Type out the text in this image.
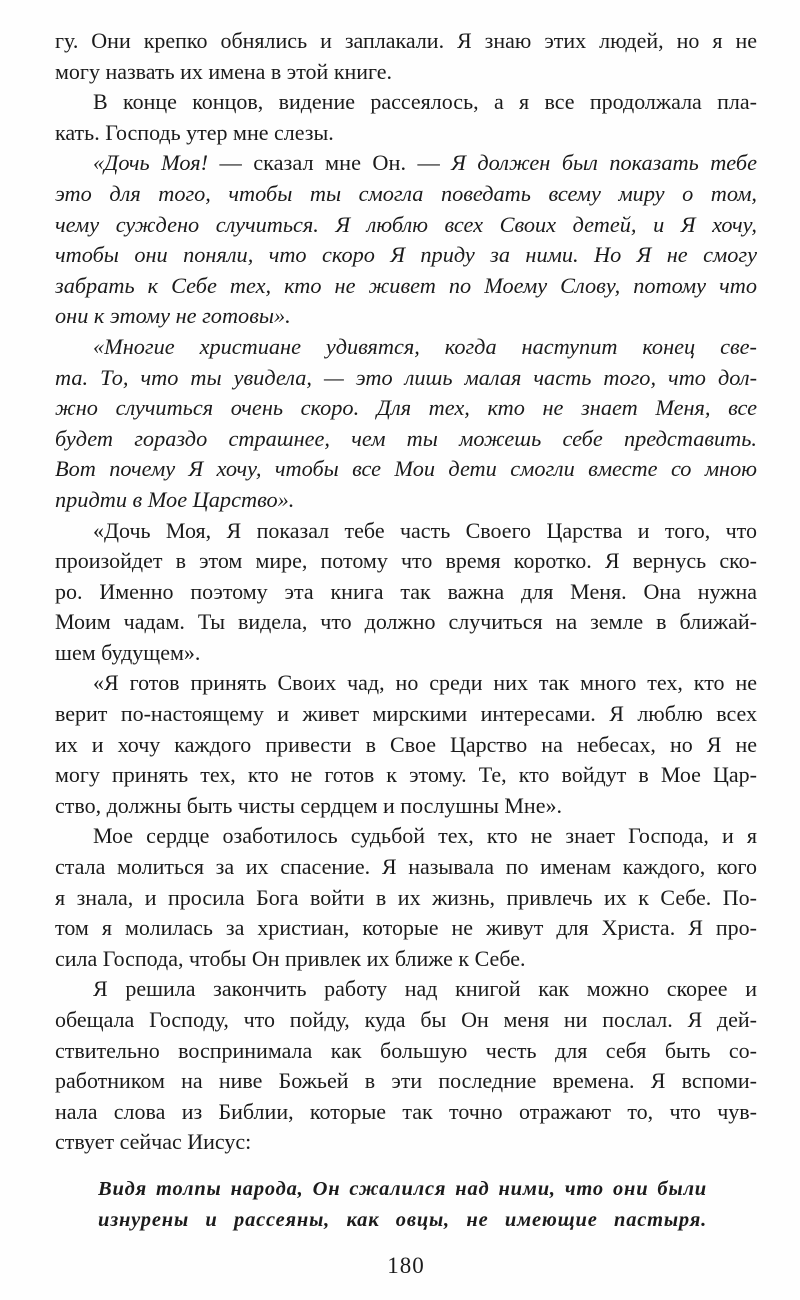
гу. Они крепко обнялись и заплакали. Я знаю этих людей, но я не
могу назвать их имена в этой книге.
В конце концов, видение рассеялось, а я все продолжала пла-
кать. Господь утер мне слезы.
«Дочь Моя! — сказал мне Он. — Я должен был показать тебе
это для того, чтобы ты смогла поведать всему миру о том,
чему суждено случиться. Я люблю всех Своих детей, и Я хочу,
чтобы они поняли, что скоро Я приду за ними. Но Я не смогу
забрать к Себе тех, кто не живет по Моему Слову, потому что
они к этому не готовы».
«Многие христиане удивятся, когда наступит конец све-
та. То, что ты увидела, — это лишь малая часть того, что дол-
жно случиться очень скоро. Для тех, кто не знает Меня, все
будет гораздо страшнее, чем ты можешь себе представить.
Вот почему Я хочу, чтобы все Мои дети смогли вместе со мною
придти в Мое Царство».
«Дочь Моя, Я показал тебе часть Своего Царства и того, что
произойдет в этом мире, потому что время коротко. Я вернусь ско-
ро. Именно поэтому эта книга так важна для Меня. Она нужна
Моим чадам. Ты видела, что должно случиться на земле в ближай-
шем будущем».
«Я готов принять Своих чад, но среди них так много тех, кто не
верит по-настоящему и живет мирскими интересами. Я люблю всех
их и хочу каждого привести в Свое Царство на небесах, но Я не
могу принять тех, кто не готов к этому. Те, кто войдут в Мое Цар-
ство, должны быть чисты сердцем и послушны Мне».
Мое сердце озаботилось судьбой тех, кто не знает Господа, и я
стала молиться за их спасение. Я называла по именам каждого, кого
я знала, и просила Бога войти в их жизнь, привлечь их к Себе. По-
том я молилась за христиан, которые не живут для Христа. Я про-
сила Господа, чтобы Он привлек их ближе к Себе.
Я решила закончить работу над книгой как можно скорее и
обещала Господу, что пойду, куда бы Он меня ни послал. Я дей-
ствительно воспринимала как большую честь для себя быть со-
работником на ниве Божьей в эти последние времена. Я вспоми-
нала слова из Библии, которые так точно отражают то, что чув-
ствует сейчас Иисус:
Видя толпы народа, Он сжалился над ними, что они были
изнурены и рассеяны, как овцы, не имеющие пастыря.
180
